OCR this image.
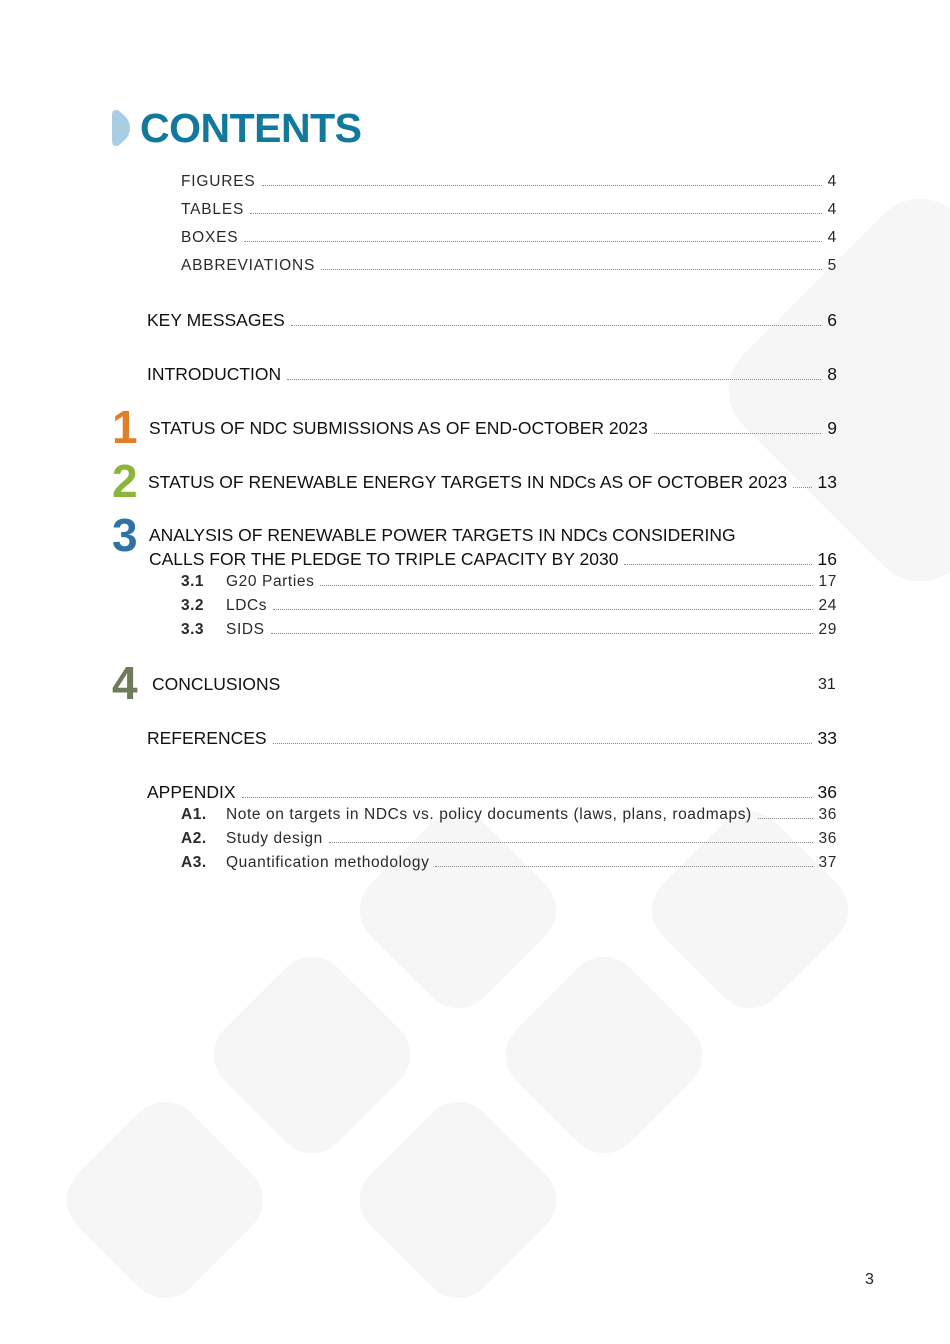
CONTENTS
FIGURES	4
TABLES	4
BOXES	4
ABBREVIATIONS	5
KEY MESSAGES	6
INTRODUCTION	8
1 STATUS OF NDC SUBMISSIONS AS OF END-OCTOBER 2023	9
2 STATUS OF RENEWABLE ENERGY TARGETS IN NDCs AS OF OCTOBER 2023	13
3 ANALYSIS OF RENEWABLE POWER TARGETS IN NDCs CONSIDERING
CALLS FOR THE PLEDGE TO TRIPLE CAPACITY BY 2030	16
3.1	G20 Parties	17
3.2	LDCs	24
3.3	SIDS	29
4 CONCLUSIONS	31
REFERENCES	33
APPENDIX	36
A1.	Note on targets in NDCs vs. policy documents (laws, plans, roadmaps)	36
A2.	Study design	36
A3.	Quantification methodology	37
3
